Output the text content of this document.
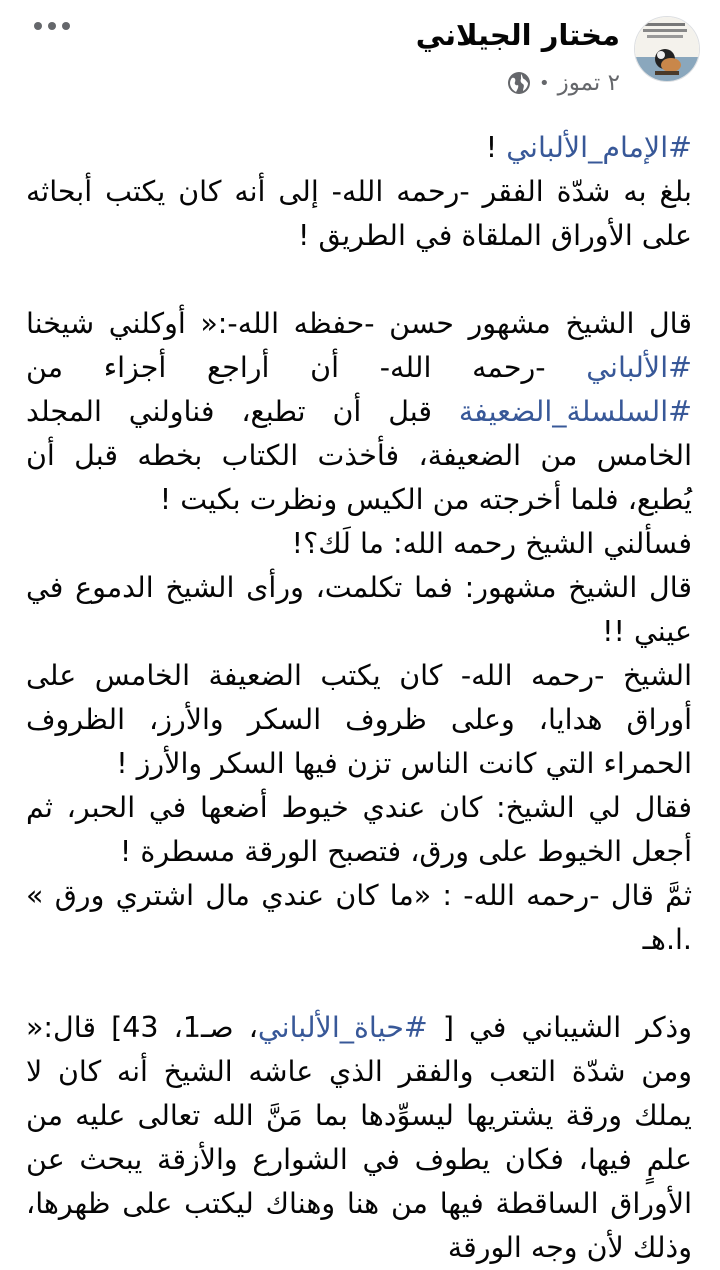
مختار الجيلاني
٢ تموز
•

#الإمام_الألباني !

بلغ به شدّة الفقر -رحمه الله- إلى أنه كان يكتب أبحاثه على الأوراق الملقاة في الطريق !

قال الشيخ مشهور حسن -حفظه الله-:« أوكلني شيخنا #الألباني -رحمه الله- أن أراجع أجزاء من #السلسلة_الضعيفة قبل أن تطبع، فناولني المجلد الخامس من الضعيفة، فأخذت الكتاب بخطه قبل أن يُطبع، فلما أخرجته من الكيس ونظرت بكيت !

فسألني الشيخ رحمه الله: ما لَك؟!

قال الشيخ مشهور: فما تكلمت، ورأى الشيخ الدموع في عيني !!

الشيخ -رحمه الله- كان يكتب الضعيفة الخامس على أوراق هدايا، وعلى ظروف السكر والأرز، الظروف الحمراء التي كانت الناس تزن فيها السكر والأرز !

فقال لي الشيخ: كان عندي خيوط أضعها في الحبر، ثم أجعل الخيوط على ورق، فتصبح الورقة مسطرة !

ثمَّ قال -رحمه الله- : «ما كان عندي مال اشتري ورق » .ا.هـ

وذكر الشيباني في [ #حياة_الألباني، صـ1، 43] قال:« ومن شدّة التعب والفقر الذي عاشه الشيخ أنه كان لا يملك ورقة يشتريها ليسوِّدها بما مَنَّ الله تعالى عليه من علمٍ فيها، فكان يطوف في الشوارع والأزقة يبحث عن الأوراق الساقطة فيها من هنا وهناك ليكتب على ظهرها، وذلك لأن وجه الورقة
